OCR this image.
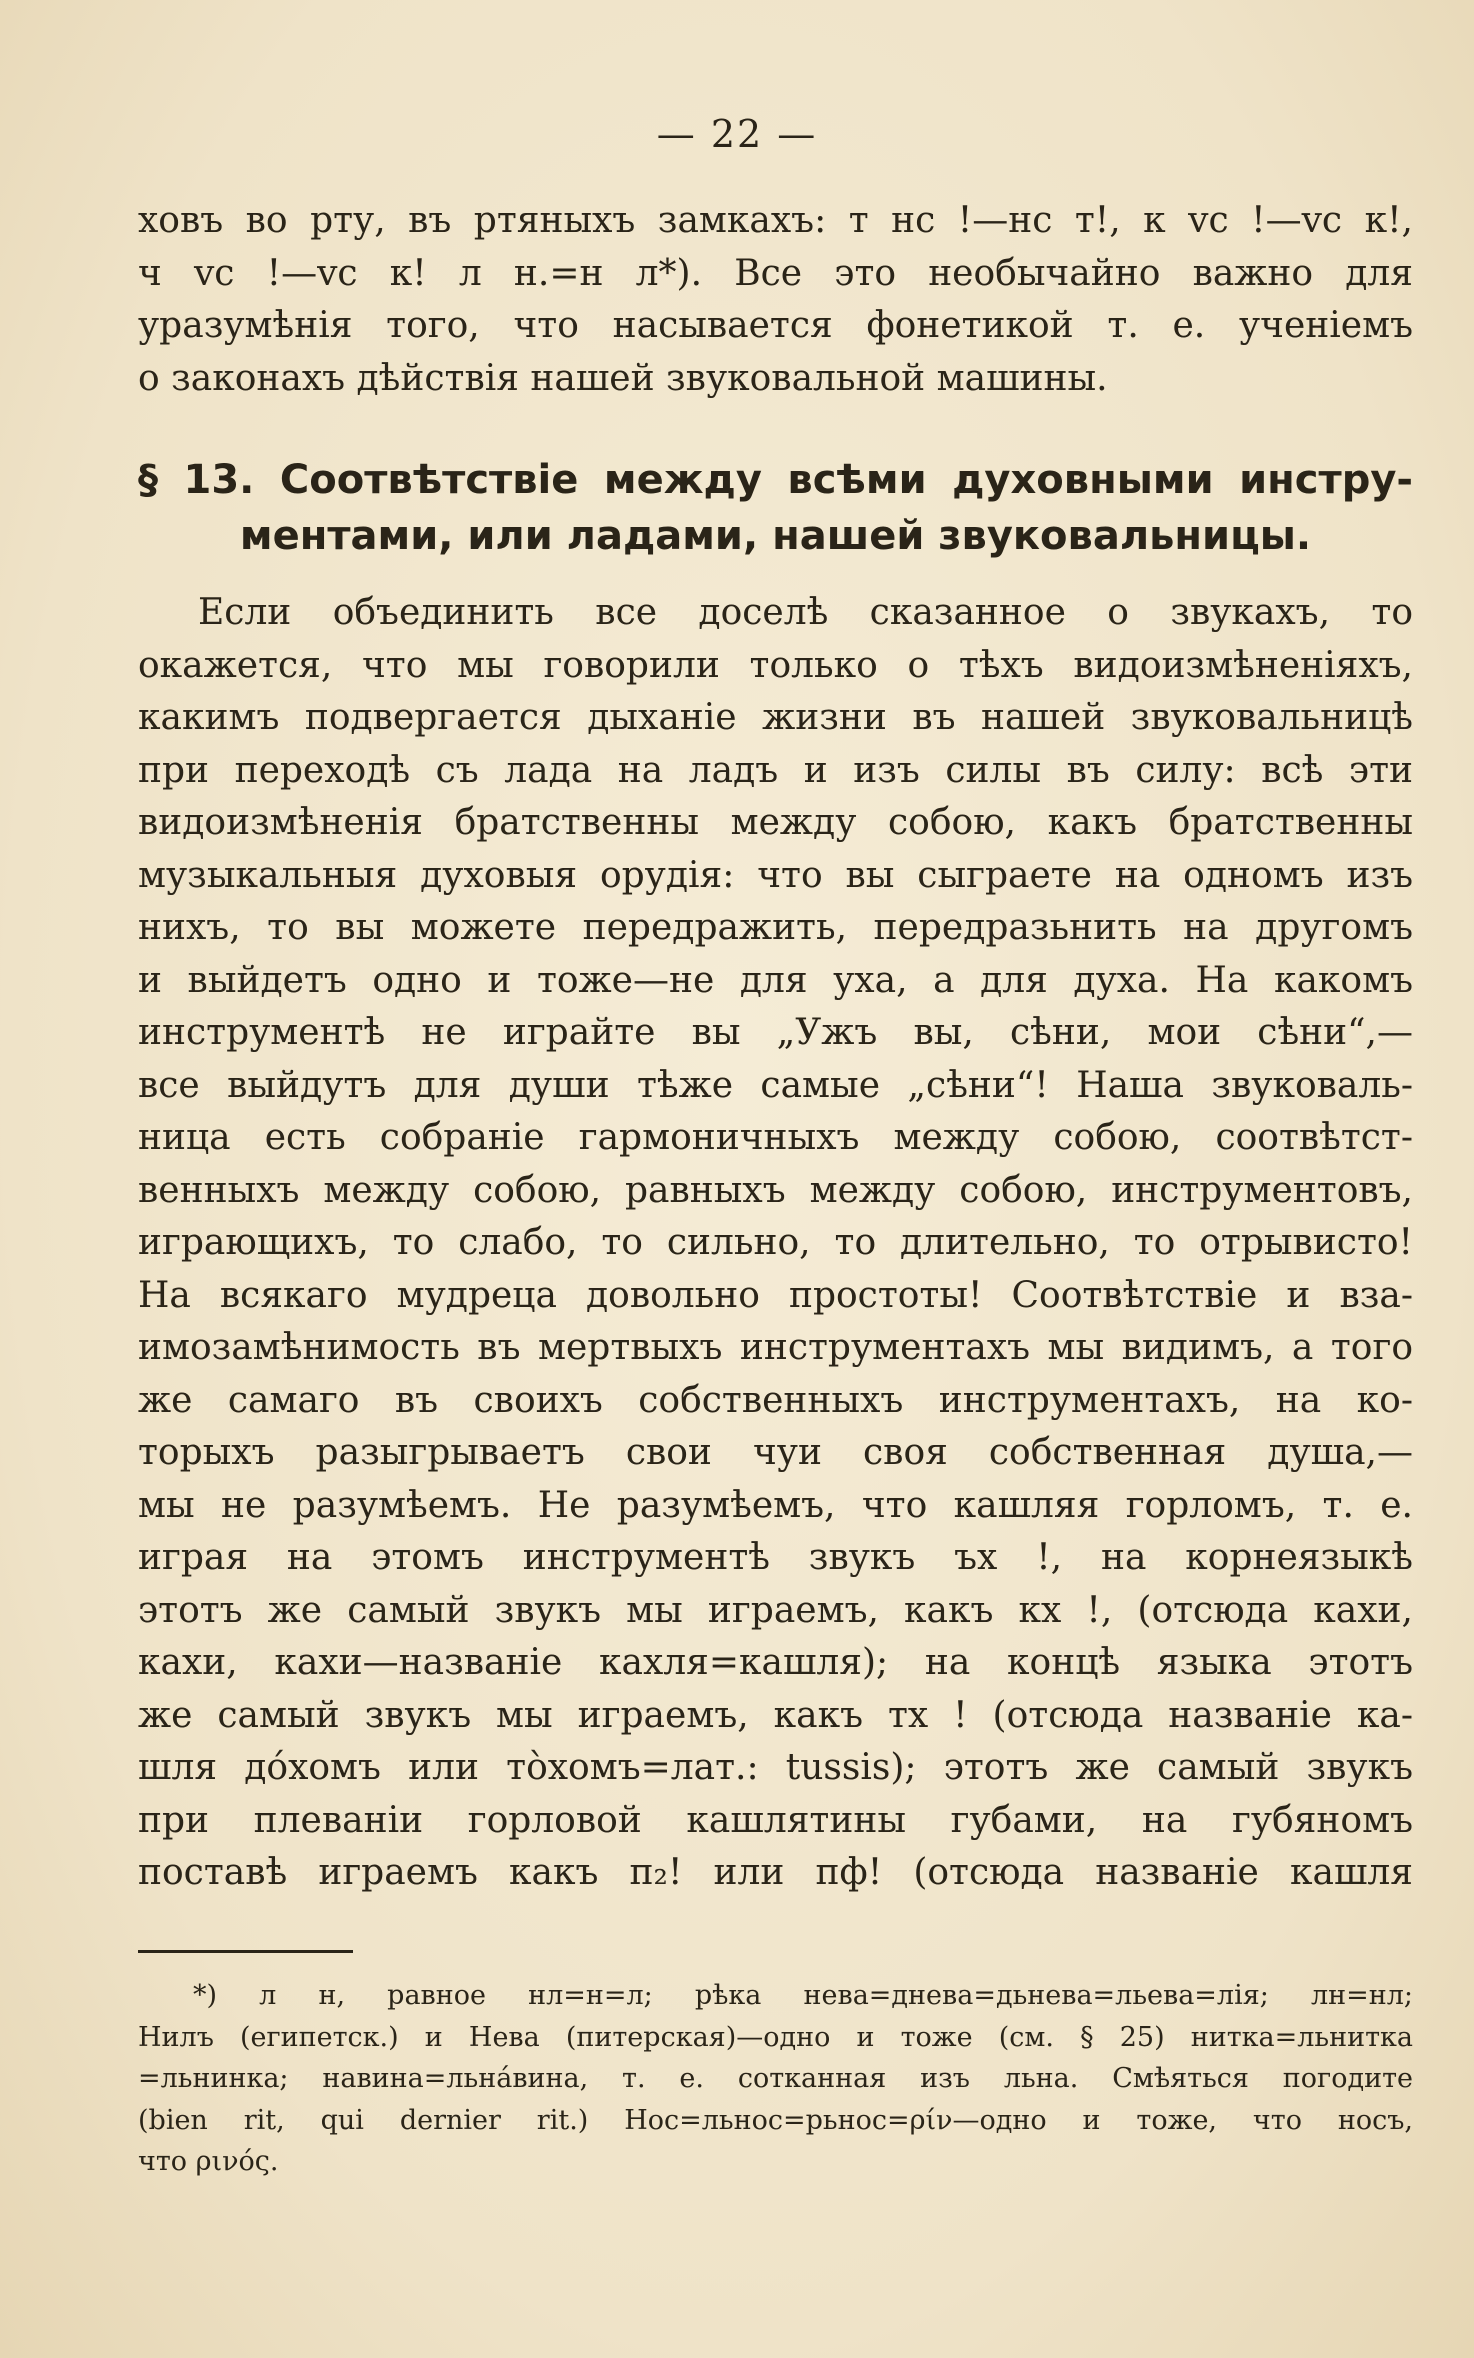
— 22 —
ховъ во рту, въ ртяныхъ замкахъ: т нс !—нс т!, к vс !—vс к!,
ч vс !—vс к! л н.=н л*). Все это необычайно важно для
уразумѣнія того, что насывается фонетикой т. е. ученіемъ
о законахъ дѣйствія нашей звуковальной машины.
§ 13. Соотвѣтствіе между всѣми духовными инстру-
ментами, или ладами, нашей звуковальницы.
Если объединить все доселѣ сказанное о звукахъ, то
окажется, что мы говорили только о тѣхъ видоизмѣненіяхъ,
какимъ подвергается дыханіе жизни въ нашей звуковальницѣ
при переходѣ съ лада на ладъ и изъ силы въ силу: всѣ эти
видоизмѣненія братственны между собою, какъ братственны
музыкальныя духовыя орудія: что вы сыграете на одномъ изъ
нихъ, то вы можете передражить, передразьнить на другомъ
и выйдетъ одно и тоже—не для уха, а для духа. На какомъ
инструментѣ не играйте вы „Ужъ вы, сѣни, мои сѣни“,—
все выйдутъ для души тѣже самые „сѣни“! Наша звуковаль-
ница есть собраніе гармоничныхъ между собою, соотвѣтст-
венныхъ между собою, равныхъ между собою, инструментовъ,
играющихъ, то слабо, то сильно, то длительно, то отрывисто!
На всякаго мудреца довольно простоты! Соотвѣтствіе и вза-
имозамѣнимость въ мертвыхъ инструментахъ мы видимъ, а того
же самаго въ своихъ собственныхъ инструментахъ, на ко-
торыхъ разыгрываетъ свои чуи своя собственная душа,—
мы не разумѣемъ. Не разумѣемъ, что кашляя горломъ, т. е.
играя на этомъ инструментѣ звукъ ъх !, на корнеязыкѣ
этотъ же самый звукъ мы играемъ, какъ кх !, (отсюда кахи,
кахи, кахи—названіе кахля=кашля); на концѣ языка этотъ
же самый звукъ мы играемъ, какъ тх ! (отсюда названіе ка-
шля дóхомъ или тòхомъ=лат.: tussis); этотъ же самый звукъ
при плеваніи горловой кашлятины губами, на губяномъ
поставѣ играемъ какъ п₂! или пф! (отсюда названіе кашля
*) л н, равное нл=н=л; рѣка нева=днева=дьнева=льева=лія; лн=нл;
Нилъ (египетск.) и Нева (питерская)—одно и тоже (см. § 25) нитка=льнитка
=льнинка; навина=льнáвина, т. е. сотканная изъ льна. Смѣяться погодите
(bien rit, qui dernier rit.) Нос=льнос=рьнос=ρίν—одно и тоже, что носъ,
что ρινός.
